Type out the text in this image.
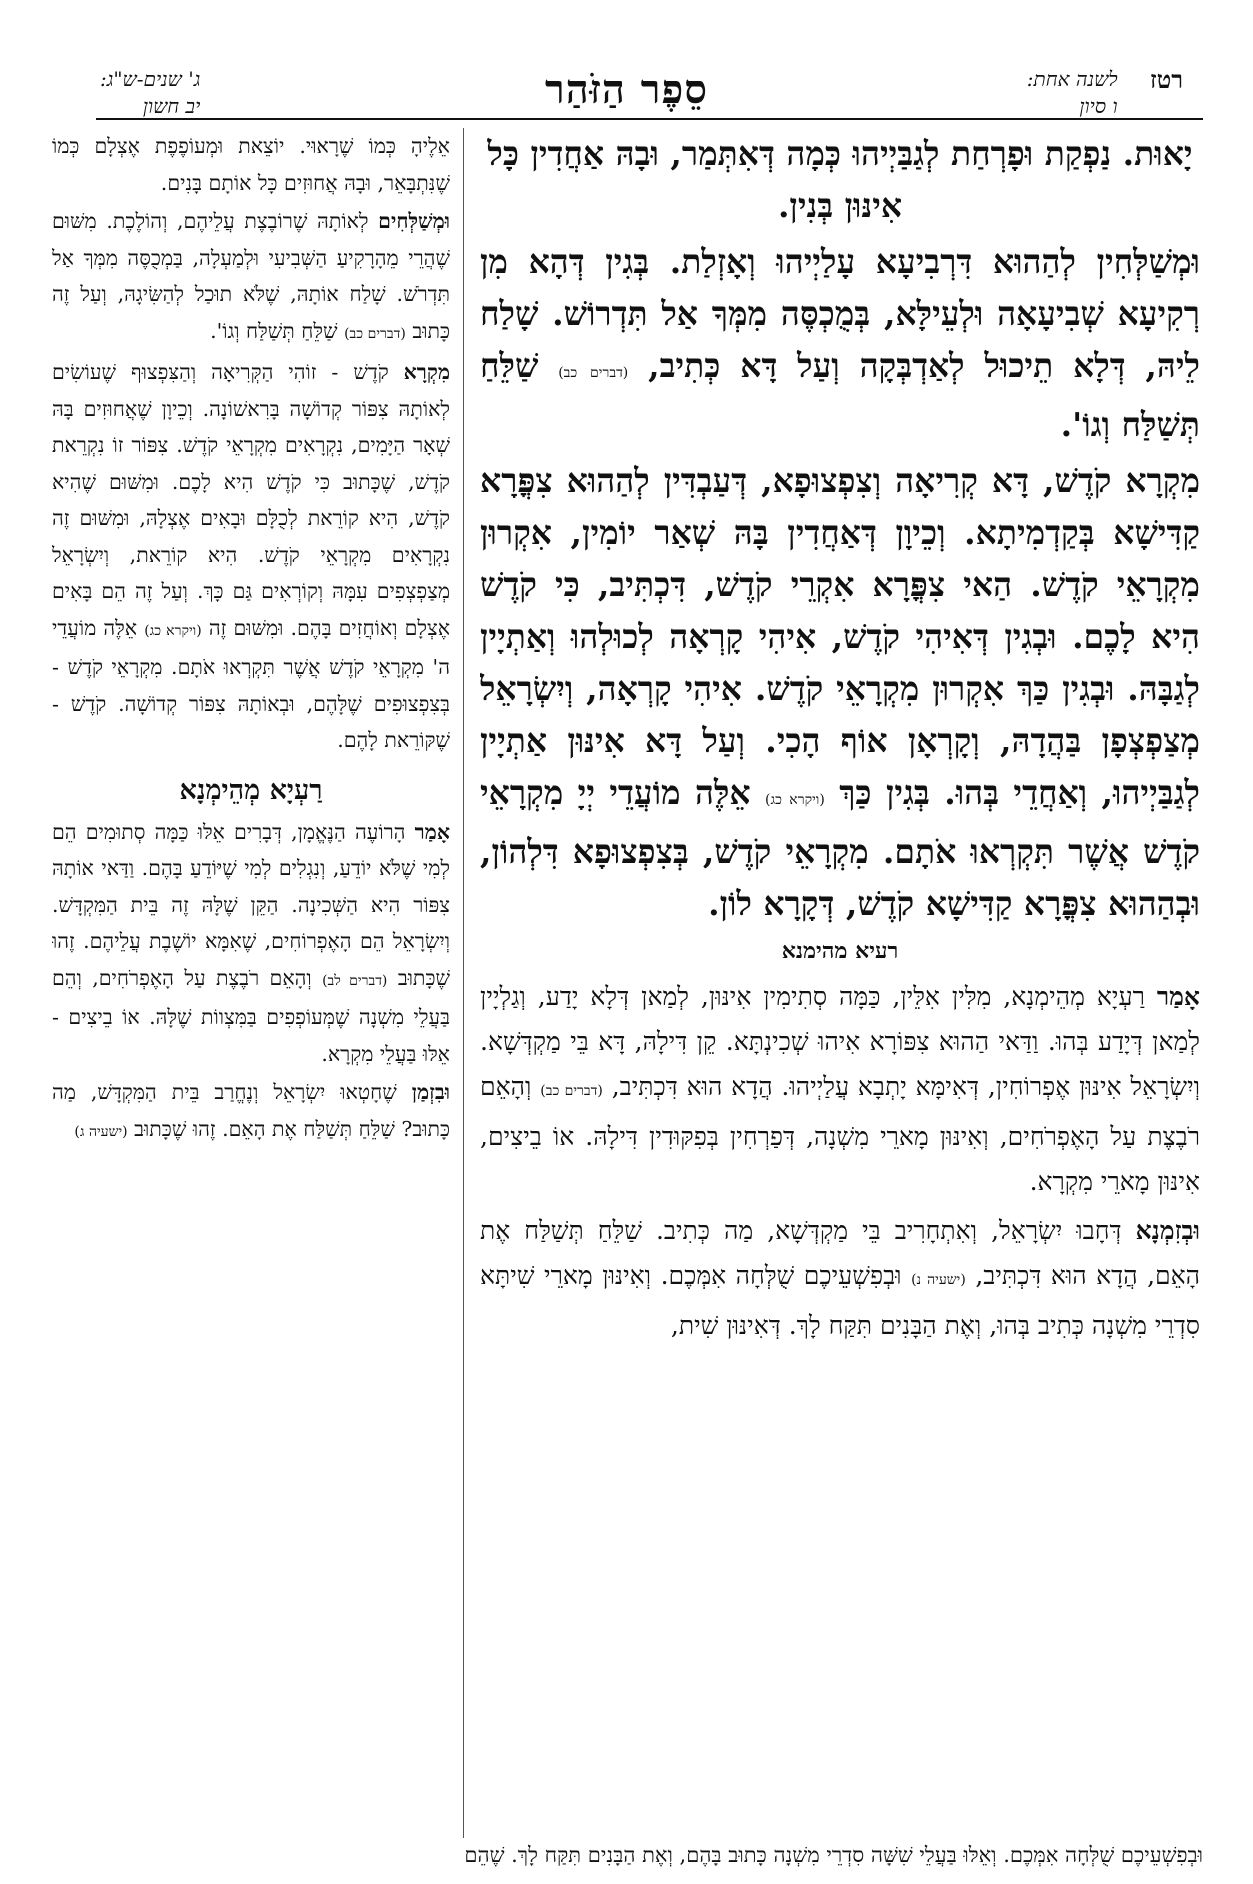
רטז לשנה אחת:
ו סיון
סֵפֶר הַזֹּהַר
ג' שנים-ש"ג:
יב חשון

יָאוּת. נַפְקַת וּפָרְחַת לְגַבַּיְיהוּ כְּמָה דְּאִתְּמַר, וּבָהּ אַחֲדִין כָּל אִינּוּן בְּנִין.

וּמְשַׁלְּחִין לְהַהוּא דִּרְבִיעָא עָלַיְיהוּ וְאָזְלַת. בְּגִין דְּהָא מִן רְקִיעָא שְׁבִיעָאָה וּלְעֵילָּא, בְּמֻכְסֶּה מִמְּךָ אַל תִּדְרוֹשׁ. שָׁלַח לֵיהּ, דְּלָא תֵיכוּל לְאַדְבְּקָה וְעַל דָּא כְּתִיב, (דברים כב) שַׁלֵּחַ תְּשַׁלַּח וְגוֹ'.

מִקְרָא קֹדֶשׁ, דָּא קְרִיאָה וְצִפְצוּפָא, דְּעַבְדִּין לְהַהוּא צִפֳּרָא קַדִּישָׁא בְּקַדְמִיתָא. וְכֵיוָן דְּאַחֲדִין בָּהּ שְׁאַר יוֹמִין, אִקְרוּן מִקְרָאֵי קֹדֶשׁ. הַאי צִפֳּרָא אִקְרֵי קֹדֶשׁ, דִּכְתִּיב, כִּי קֹדֶשׁ הִיא לָכֶם. וּבְגִין דְּאִיהִי קֹדֶשׁ, אִיהִי קָרְאָה לְכוּלְהוּ וְאַתְיָין לְגַבָּהּ. וּבְגִין כַּךְ אִקְרוּן מִקְרָאֵי קֹדֶשׁ. אִיהִי קָרְאָה, וְיִשְׂרָאֵל מְצַפְצְפָן בַּהֲדָהּ, וְקָרְאָן אוֹף הָכִי. וְעַל דָּא אִינּוּן אַתְיָין לְגַבַּיְיהוּ, וְאַחֲדֵי בְּהוּ. בְּגִין כַּךְ (ויקרא כג) אֵלֶּה מוֹעֲדֵי יְיָ מִקְרָאֵי קֹדֶשׁ אֲשֶׁר תִּקְרְאוּ אֹתָם. מִקְרָאֵי קֹדֶשׁ, בְּצִפְצוּפָא דִּלְהוֹן, וּבְהַהוּא צִפֳּרָא קַדִּישָׁא קֹדֶשׁ, דְּקָרָא לוֹן.

רעיא מהימנא

אָמַר רַעְיָא מְהֵימְנָא, מִלִּין אִלֵּין, כַּמָּה סְתִימִין אִינּוּן, לְמַאן דְּלָא יָדַע, וְגַלְיָין לְמַאן דְּיָדַע בְּהוּ. וַדַּאי הַהוּא צִפּוֹרָא אִיהוּ שְׁכִינְתָּא. קֵן דִּילָהּ, דָּא בֵּי מַקְדְּשָׁא. וְיִשְׂרָאֵל אִינּוּן אֶפְרוֹחִין, דְּאִימָּא יָתְבָא עֲלַיְיהוּ. הֲדָא הוּא דִּכְתִּיב, (דברים כב) וְהָאֵם רֹבֶצֶת עַל הָאֶפְרֹחִים, וְאִינּוּן מָארֵי מִשְׁנָה, דְּפַרְחִין בְּפִקּוּדִין דִּילָהּ. אוֹ בֵיצִים, אִינּוּן מָארֵי מִקְרָא.

וּבְזִמְנָא דְּחָבוּ יִשְׂרָאֵל, וְאִתְחָרִיב בֵּי מַקְדְּשָׁא, מַה כְּתִיב. שַׁלֵּחַ תְּשַׁלַּח אֶת הָאֵם, הֲדָא הוּא דִּכְתִּיב, (ישעיה נ) וּבְפִשְׁעֵיכֶם שֻׁלְּחָה אִמְּכֶם. וְאִינּוּן מָארֵי שִׁיתָּא סִדְרֵי מִשְׁנָה כְּתִיב בְּהוּ, וְאֶת הַבָּנִים תִּקַּח לָךְ. דְּאִינּוּן שִׁית,

אֵלֶיהָ כְּמוֹ שֶׁרָאוּי. יוֹצֵאת וּמְעוֹפֶפֶת אֶצְלָם כְּמוֹ שֶׁנִּתְבָּאֵר, וּבָהּ אֲחוּזִים כָּל אוֹתָם בָּנִים.

וּמְשַׁלְּחִים לְאוֹתָהּ שֶׁרוֹבֶצֶת עֲלֵיהֶם, וְהוֹלֶכֶת. מִשּׁוּם שֶׁהֲרֵי מֵהָרָקִיעַ הַשְּׁבִיעִי וּלְמַעְלָה, בַּמְכֻסֶּה מִמְּךָ אַל תִּדְרֹשׁ. שָׁלַח אוֹתָהּ, שֶׁלֹּא תוּכַל לְהַשִּׂיגָהּ, וְעַל זֶה כָּתוּב (דברים כב) שַׁלֵּחַ תְּשַׁלַּח וְגוֹ'.

מִקְרָא קֹדֶשׁ - זוֹהִי הַקְּרִיאָה וְהַצִּפְצוּף שֶׁעוֹשִׂים לְאוֹתָהּ צִפּוֹר קְדוֹשָׁה בָּרִאשׁוֹנָה. וְכֵיוָן שֶׁאֲחוּזִים בָּהּ שְׁאָר הַיָּמִים, נִקְרָאִים מִקְרָאֵי קֹדֶשׁ. צִפּוֹר זוֹ נִקְרֵאת קֹדֶשׁ, שֶׁכָּתוּב כִּי קֹדֶשׁ הִיא לָכֶם. וּמִשּׁוּם שֶׁהִיא קֹדֶשׁ, הִיא קוֹרֵאת לְכֻלָּם וּבָאִים אֶצְלָהּ, וּמִשּׁוּם זֶה נִקְרָאִים מִקְרָאֵי קֹדֶשׁ. הִיא קוֹרֵאת, וְיִשְׂרָאֵל מְצַפְצְפִים עִמָּהּ וְקוֹרְאִים גַּם כָּךְ. וְעַל זֶה הֵם בָּאִים אֶצְלָם וְאוֹחֲזִים בָּהֶם. וּמִשּׁוּם זֶה (ויקרא כג) אֵלֶּה מוֹעֲדֵי ה' מִקְרָאֵי קֹדֶשׁ אֲשֶׁר תִּקְרְאוּ אֹתָם. מִקְרָאֵי קֹדֶשׁ - בְּצִפְצוּפִים שֶׁלָּהֶם, וּבְאוֹתָהּ צִפּוֹר קְדוֹשָׁה. קֹדֶשׁ - שֶׁקּוֹרֵאת לָהֶם.

רַעְיָא מְהֵימְנָא

אָמַר הָרוֹעֶה הַנֶּאֱמָן, דְּבָרִים אֵלּוּ כַּמָּה סְתוּמִים הֵם לְמִי שֶׁלֹּא יוֹדֵעַ, וְנִגְלִים לְמִי שֶׁיּוֹדֵעַ בָּהֶם. וַדַּאי אוֹתָהּ צִפּוֹר הִיא הַשְּׁכִינָה. הַקֵּן שֶׁלָּהּ זֶה בֵּית הַמִּקְדָּשׁ. וְיִשְׂרָאֵל הֵם הָאֶפְרוֹחִים, שֶׁאִמָּא יוֹשֶׁבֶת עֲלֵיהֶם. זֶהוּ שֶׁכָּתוּב (דברים לב) וְהָאֵם רֹבֶצֶת עַל הָאֶפְרֹחִים, וְהֵם בַּעֲלֵי מִשְׁנָה שֶׁמְּעוֹפְפִים בַּמִּצְווֹת שֶׁלָּהּ. אוֹ בֵיצִים - אֵלּוּ בַּעֲלֵי מִקְרָא.

וּבִזְמַן שֶׁחָטְאוּ יִשְׂרָאֵל וְנֶחֱרַב בֵּית הַמִּקְדָּשׁ, מַה כָּתוּב? שַׁלֵּחַ תְּשַׁלַּח אֶת הָאֵם. זֶהוּ שֶׁכָּתוּב (ישעיה ג)

וּבְפִשְׁעֵיכֶם שֻׁלְּחָה אִמְּכֶם. וְאֵלּוּ בַּעֲלֵי שִׁשָּׁה סִדְרֵי מִשְׁנָה כָּתוּב בָּהֶם, וְאֶת הַבָּנִים תִּקַּח לָךְ. שֶׁהֵם
